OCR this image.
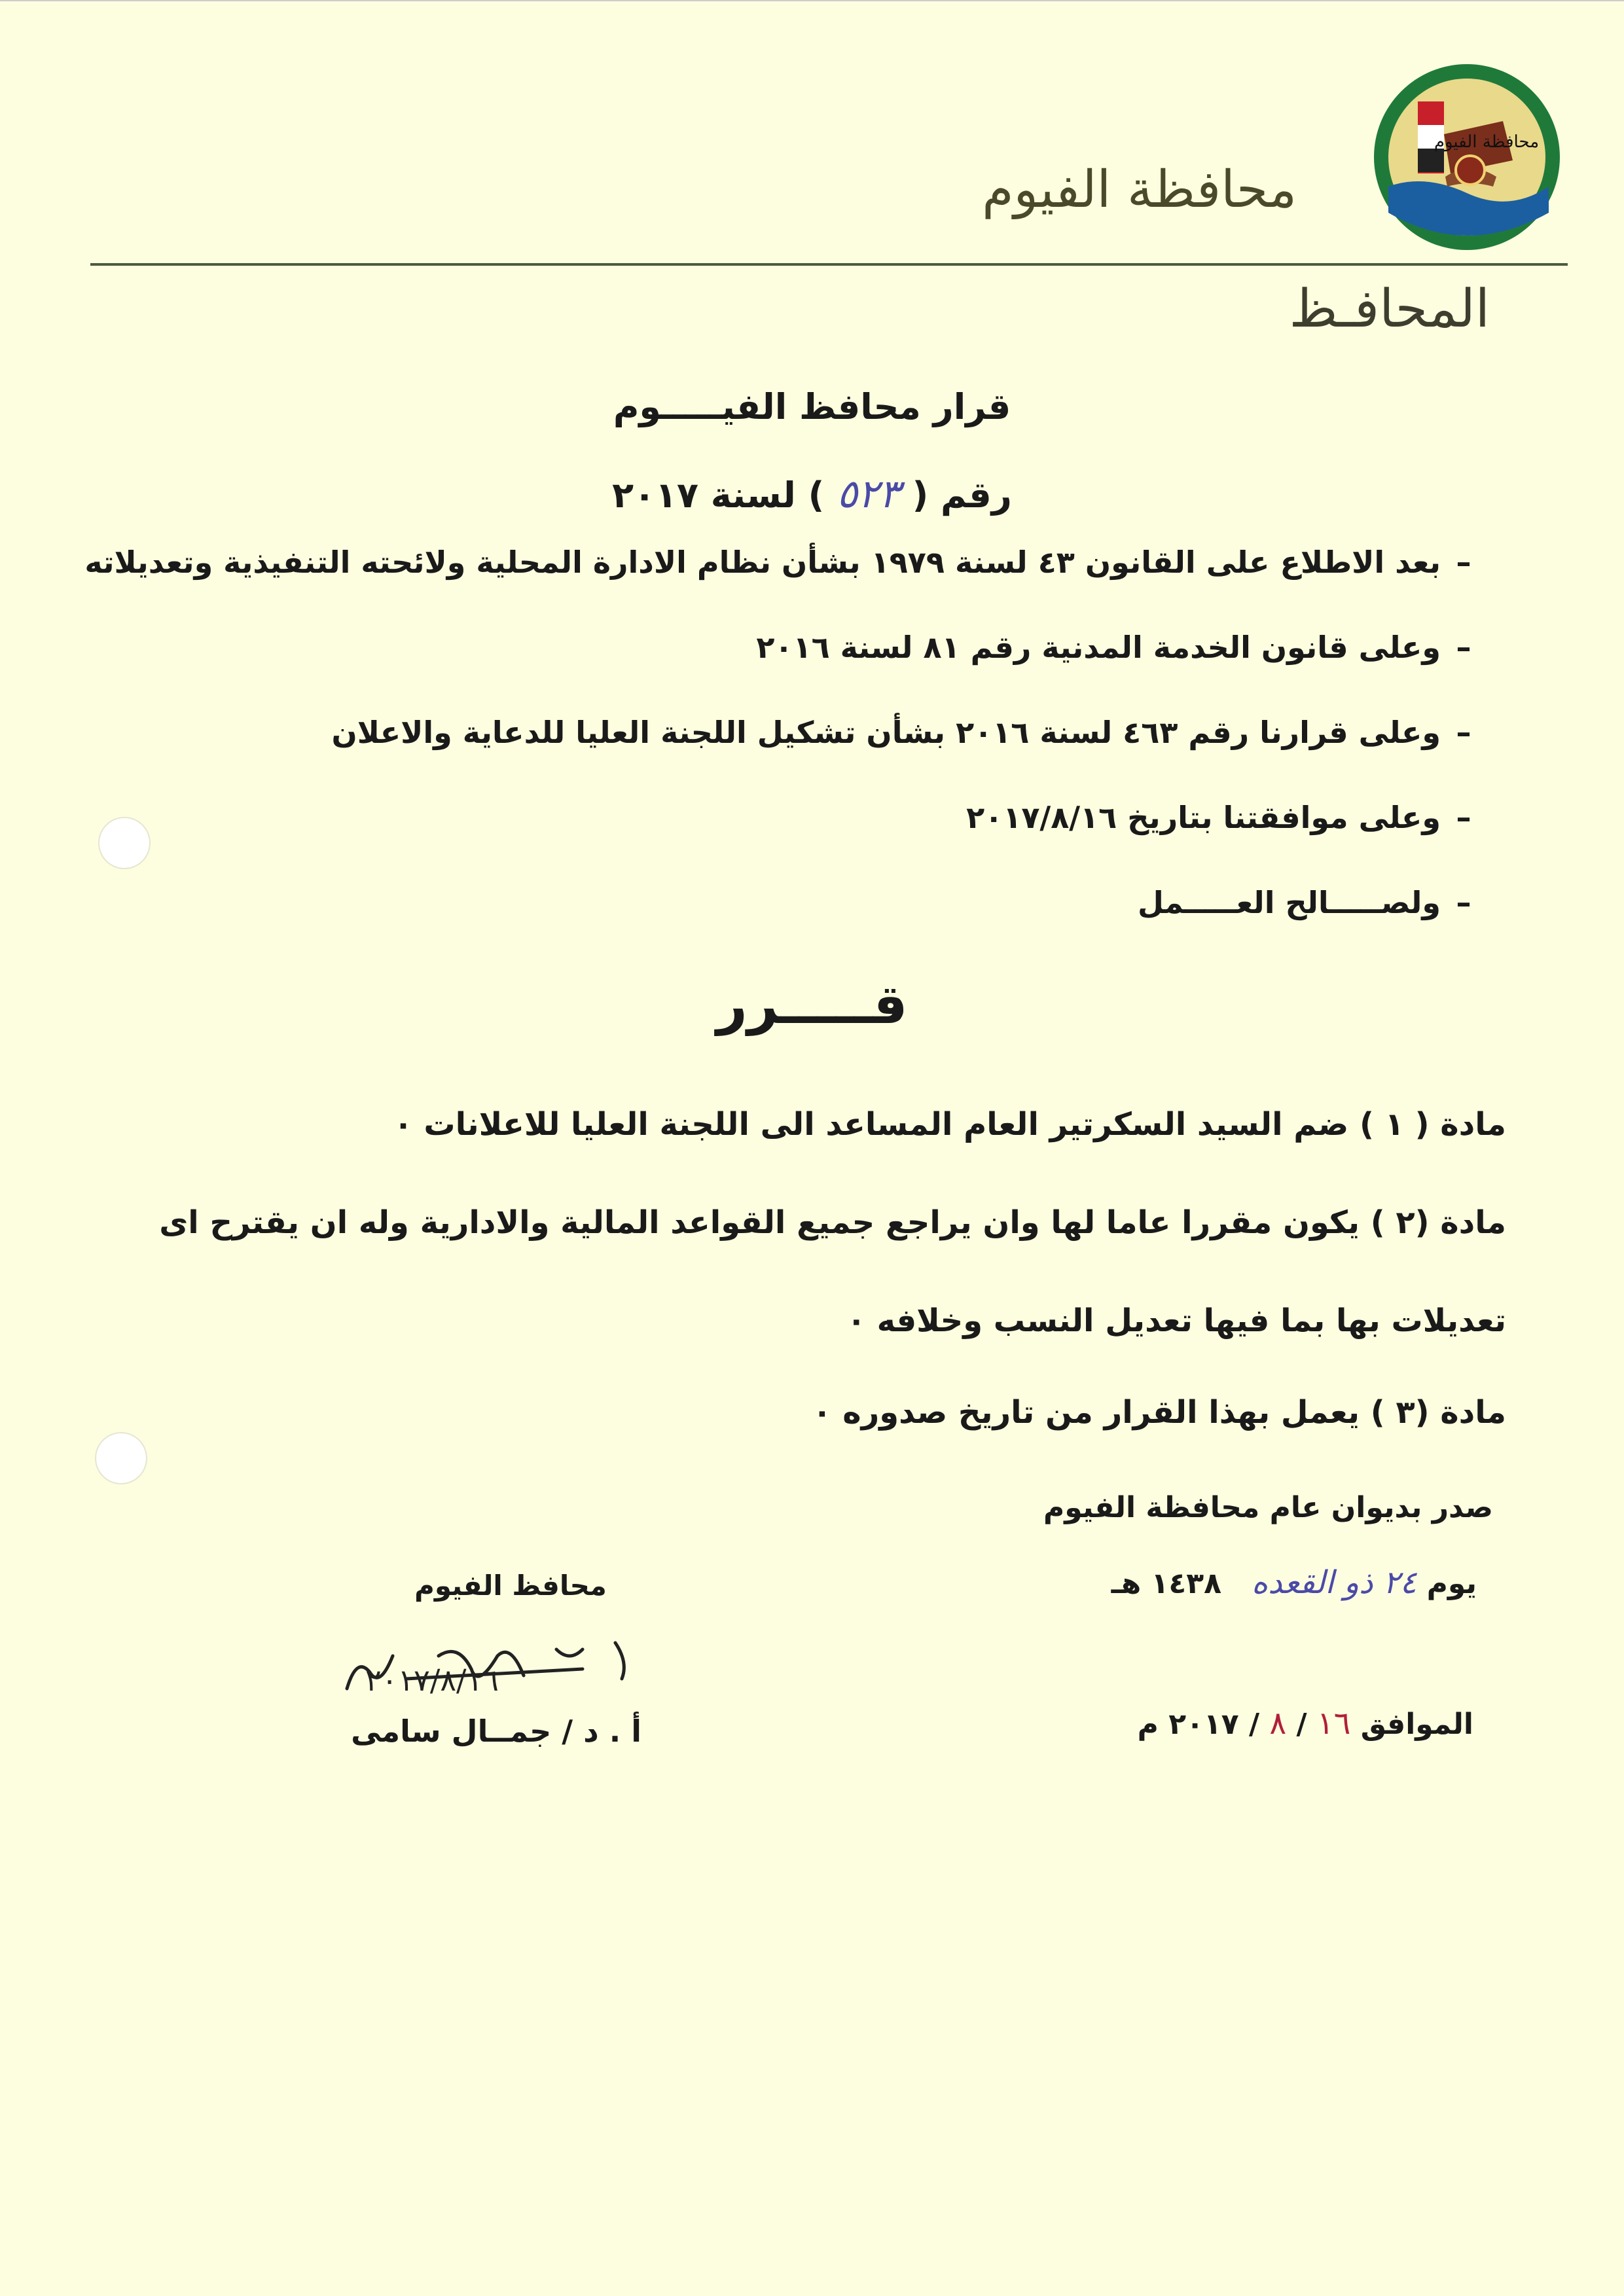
محافظة الفيوم
محافظة الفيوم
المحافـظ
قرار محافظ الفيـــــوم
رقم ( ٥٢٣ ) لسنة ٢٠١٧
–بعد الاطلاع على القانون ٤٣ لسنة ١٩٧٩ بشأن نظام الادارة المحلية ولائحته التنفيذية وتعديلاته
–وعلى قانون الخدمة المدنية رقم ٨١ لسنة ٢٠١٦
–وعلى قرارنا رقم ٤٦٣ لسنة ٢٠١٦ بشأن تشكيل اللجنة العليا للدعاية والاعلان
–وعلى موافقتنا بتاريخ ٢٠١٧/٨/١٦
–ولصـــــالح العـــــمل
قـــــرر
مادة ( ١ ) ضم السيد السكرتير العام المساعد الى اللجنة العليا للاعلانات ٠
مادة (٢ ) يكون مقررا عاما لها وان يراجع جميع القواعد المالية والادارية وله ان يقترح اى
تعديلات بها بما فيها تعديل النسب وخلافه ٠
مادة (٣ ) يعمل بهذا القرار من تاريخ صدوره ٠
صدر بديوان عام محافظة الفيوم
يوم ٢٤ ذو القعده   ١٤٣٨ هـ
الموافق ١٦ / ٨ / ٢٠١٧ م
محافظ الفيوم
٢٠١٧/٨/١٦
أ . د / جمــال سامى
